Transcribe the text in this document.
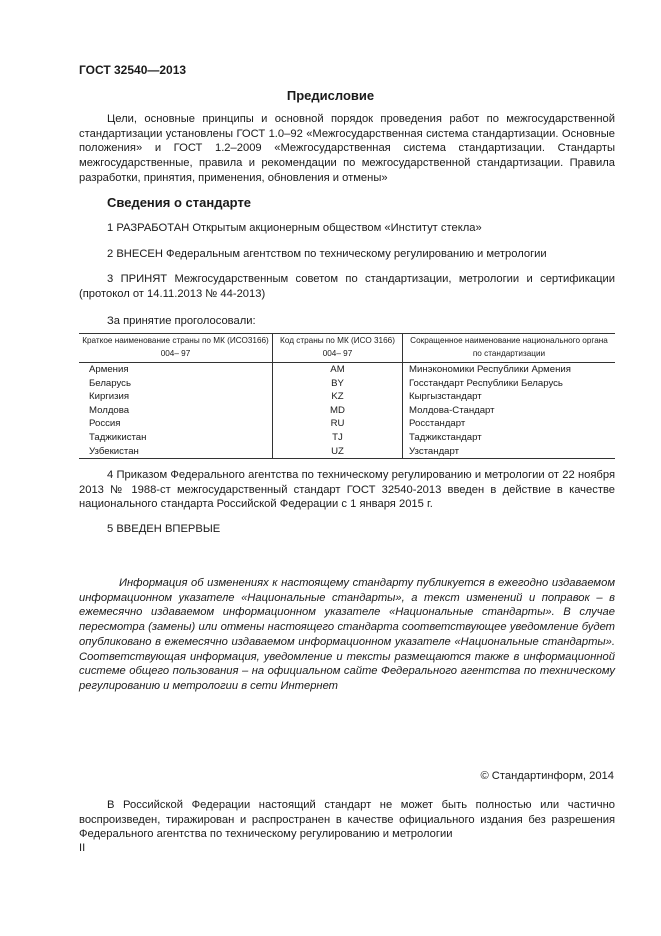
ГОСТ 32540—2013
Предисловие

Цели, основные принципы и основной порядок проведения работ по межгосударственной стандартизации установлены ГОСТ 1.0–92 «Межгосударственная система стандартизации. Основные положения» и ГОСТ 1.2–2009 «Межгосударственная система стандартизации. Стандарты межгосударственные, правила и рекомендации по межгосударственной стандартизации. Правила разработки, принятия, применения, обновления и отмены»

Сведения о стандарте
1 РАЗРАБОТАН Открытым акционерным обществом «Институт стекла»
2 ВНЕСЕН Федеральным агентством по техническому регулированию и метрологии

3 ПРИНЯТ Межгосударственным советом по стандартизации, метрологии и сертификации (протокол от 14.11.2013 № 44-2013)

За принятие проголосовали:
Краткое наименование страны по МК (ИСО3166) 004– 97	Код страны по МК (ИСО 3166) 004– 97	Сокращенное наименование национального органа по стандартизации
Армения	AM	Минэкономики Республики Армения
Беларусь	BY	Госстандарт Республики Беларусь
Киргизия	KZ	Кыргызстандарт
Молдова	MD	Молдова-Стандарт
Россия	RU	Росстандарт
Таджикистан	TJ	Таджикстандарт
Узбекистан	UZ	Узстандарт

4 Приказом Федерального агентства по техническому регулированию и метрологии от 22 ноября 2013 № 1988-ст межгосударственный стандарт ГОСТ 32540-2013 введен в действие в качестве национального стандарта Российской Федерации с 1 января 2015 г.

5 ВВЕДЕН ВПЕРВЫЕ

Информация об изменениях к настоящему стандарту публикуется в ежегодно издаваемом информационном указателе «Национальные стандарты», а текст изменений и поправок – в ежемесячно издаваемом информационном указателе «Национальные стандарты». В случае пересмотра (замены) или отмены настоящего стандарта соответствующее уведомление будет опубликовано в ежемесячно издаваемом информационном указателе «Национальные стандарты». Соответствующая информация, уведомление и тексты размещаются также в информационной системе общего пользования – на официальном сайте Федерального агентства по техническому регулированию и метрологии в сети Интернет

© Стандартинформ, 2014

В Российской Федерации настоящий стандарт не может быть полностью или частично воспроизведен, тиражирован и распространен в качестве официального издания без разрешения Федерального агентства по техническому регулированию и метрологии

II
